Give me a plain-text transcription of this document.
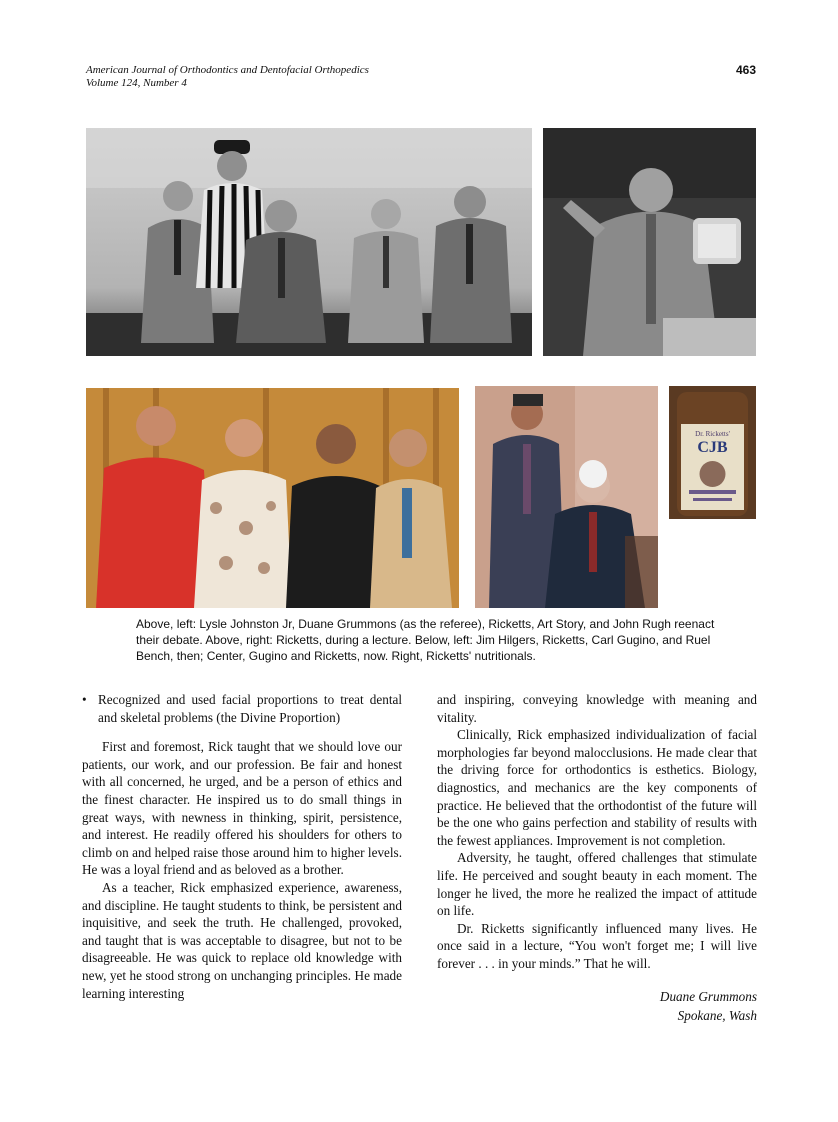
American Journal of Orthodontics and Dentofacial Orthopedics
Volume 124, Number 4
463
Dr. Ricketts'
CJB
Above, left: Lysle Johnston Jr, Duane Grummons (as the referee), Ricketts, Art Story, and John Rugh reenact their debate. Above, right: Ricketts, during a lecture. Below, left: Jim Hilgers, Ricketts, Carl Gugino, and Ruel Bench, then; Center, Gugino and Ricketts, now. Right, Ricketts' nutritionals.
• Recognized and used facial proportions to treat dental and skeletal problems (the Divine Proportion)

First and foremost, Rick taught that we should love our patients, our work, and our profession. Be fair and honest with all concerned, he urged, and be a person of ethics and the finest character. He inspired us to do small things in great ways, with newness in thinking, spirit, persistence, and interest. He readily offered his shoulders for others to climb on and helped raise those around him to higher levels. He was a loyal friend and as beloved as a brother.

As a teacher, Rick emphasized experience, awareness, and discipline. He taught students to think, be persistent and inquisitive, and seek the truth. He challenged, provoked, and taught that is was acceptable to disagree, but not to be disagreeable. He was quick to replace old knowledge with new, yet he stood strong on unchanging principles. He made learning interesting

and inspiring, conveying knowledge with meaning and vitality.

Clinically, Rick emphasized individualization of facial morphologies far beyond malocclusions. He made clear that the driving force for orthodontics is esthetics. Biology, diagnostics, and mechanics are the key components of practice. He believed that the orthodontist of the future will be the one who gains perfection and stability of results with the fewest appliances. Improvement is not completion.

Adversity, he taught, offered challenges that stimulate life. He perceived and sought beauty in each moment. The longer he lived, the more he realized the impact of attitude on life.

Dr. Ricketts significantly influenced many lives. He once said in a lecture, “You won't forget me; I will live forever . . . in your minds.” That he will.

Duane Grummons
Spokane, Wash
